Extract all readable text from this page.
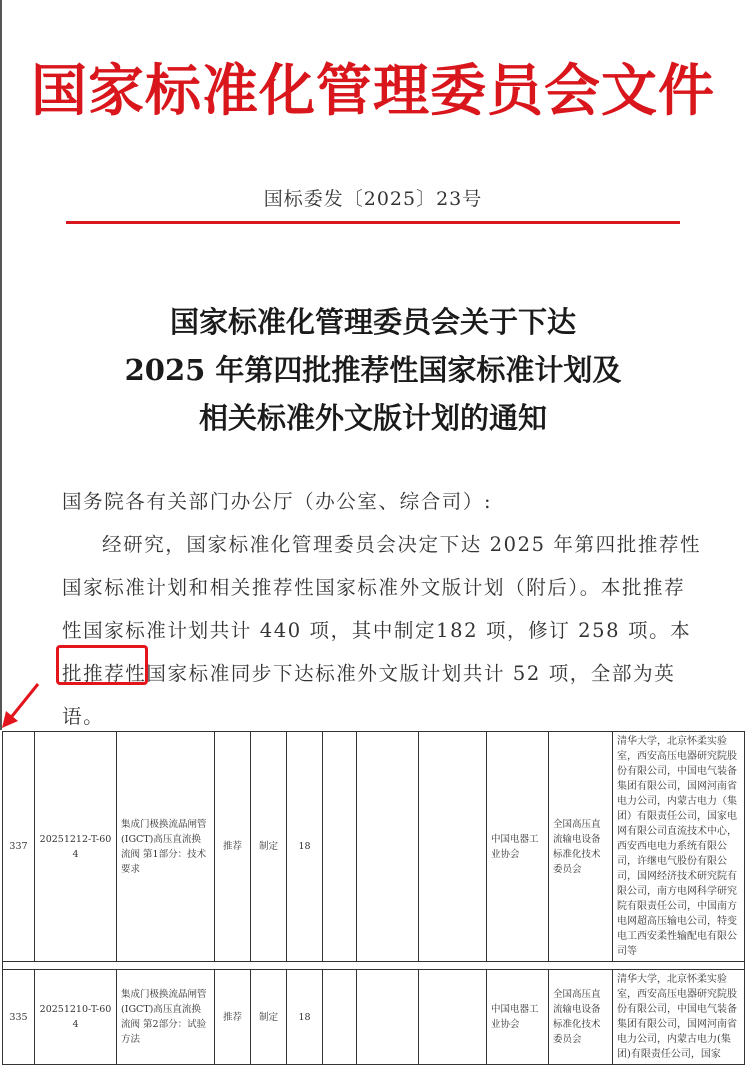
国家标准化管理委员会文件
国标委发〔2025〕23号
国家标准化管理委员会关于下达
2025 年第四批推荐性国家标准计划及
相关标准外文版计划的通知

国务院各有关部门办公厅（办公室、综合司）:

经研究，国家标准化管理委员会决定下达 2025 年第四批推荐性国家标准计划和相关推荐性国家标准外文版计划（附后）。本批推荐性国家标准计划共计 440 项，其中制定182 项，修订 258 项。本批推荐性国家标准同步下达标准外文版计划共计 52 项，全部为英语。

337	20251212-T-604	集成门极换流晶闸管(IGCT)高压直流换流阀 第1部分：技术要求	推荐	制定	18				中国电器工业协会	全国高压直流输电设备标准化技术委员会	清华大学，北京怀柔实验室，西安高压电器研究院股份有限公司，中国电气装备集团有限公司，国网河南省电力公司，内蒙古电力（集团）有限责任公司，国家电网有限公司直流技术中心，西安西电电力系统有限公司，许继电气股份有限公司，国网经济技术研究院有限公司，南方电网科学研究院有限责任公司，中国南方电网超高压输电公司，特变电工西安柔性输配电有限公司等

335	20251210-T-604	集成门极换流晶闸管(IGCT)高压直流换流阀 第2部分：试验方法	推荐	制定	18				中国电器工业协会	全国高压直流输电设备标准化技术委员会	清华大学，北京怀柔实验室，西安高压电器研究院股份有限公司，中国电气装备集团有限公司，国网河南省电力公司，内蒙古电力(集团)有限责任公司，国家
